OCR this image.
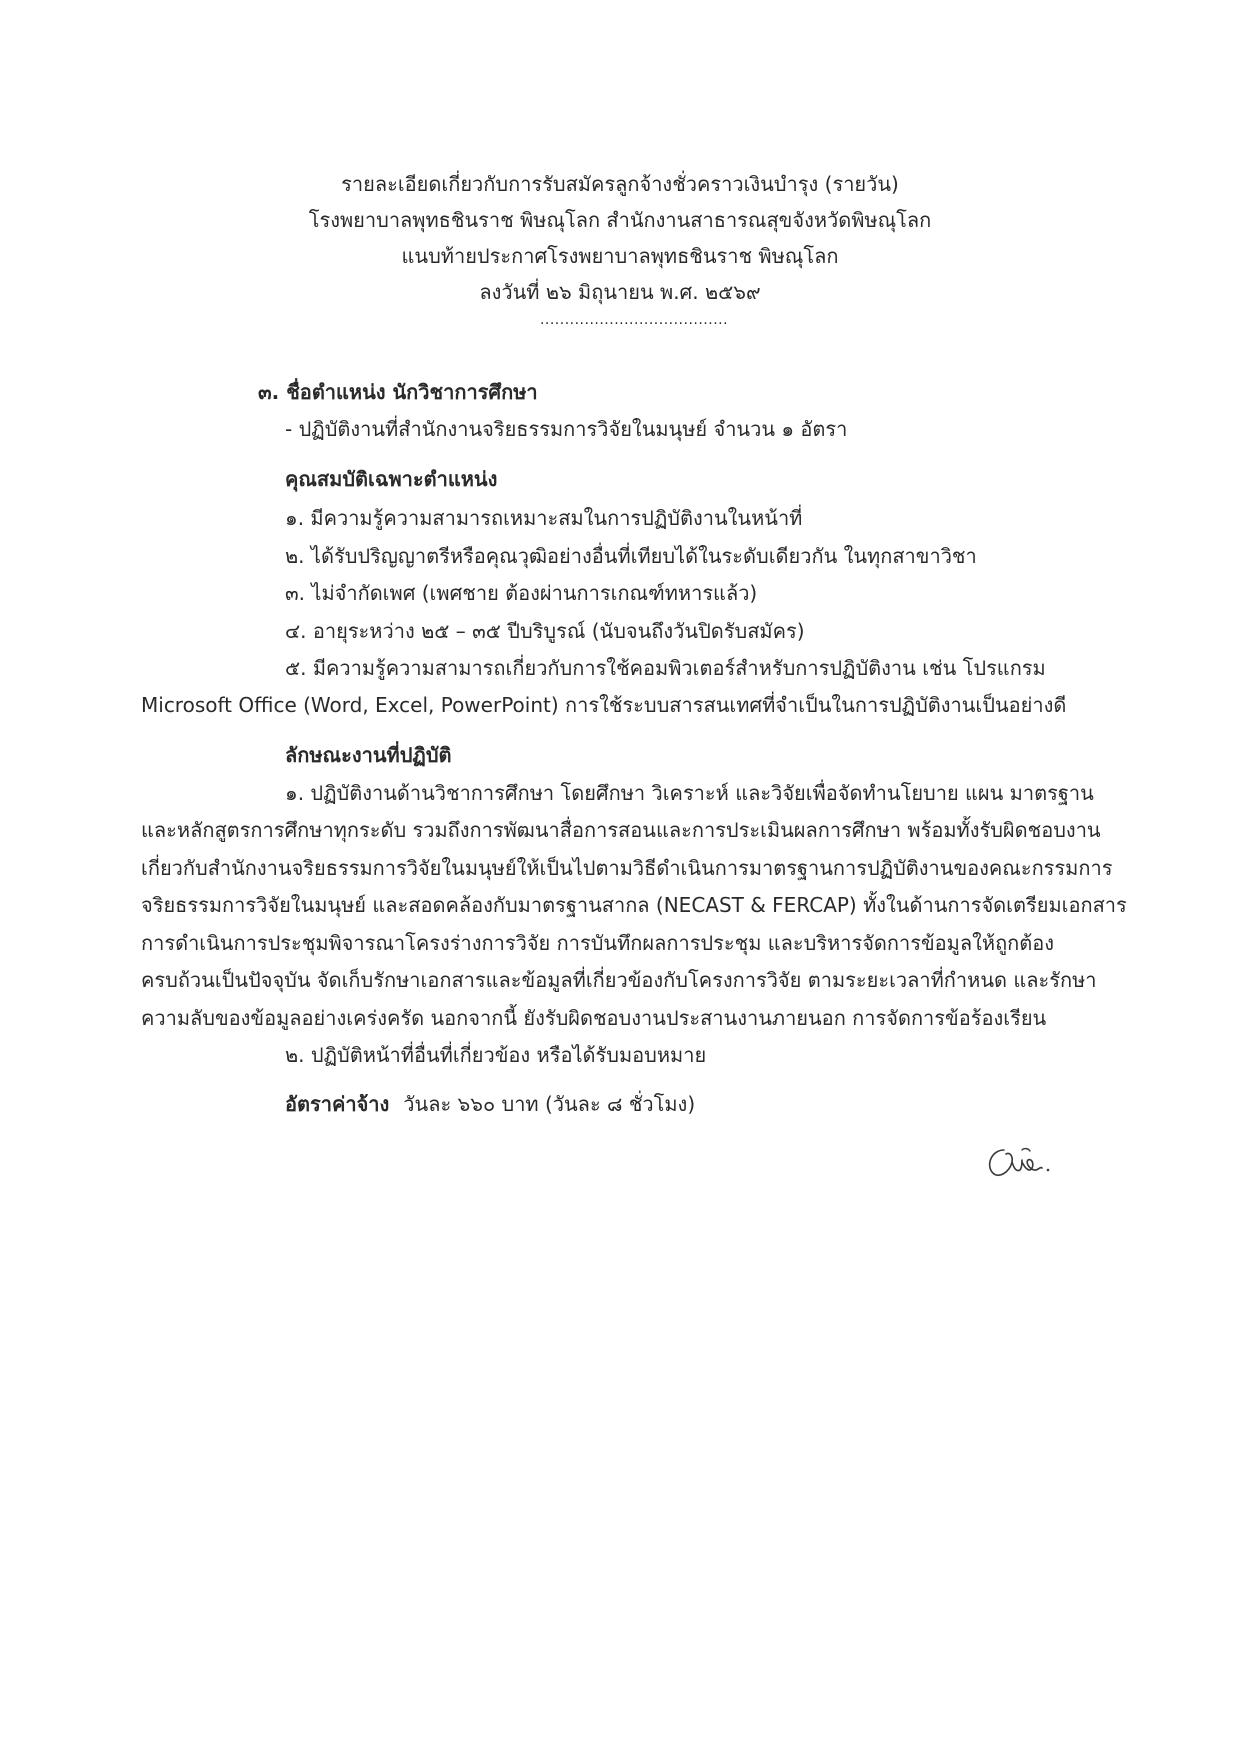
รายละเอียดเกี่ยวกับการรับสมัครลูกจ้างชั่วคราวเงินบำรุง (รายวัน)
โรงพยาบาลพุทธชินราช พิษณุโลก สำนักงานสาธารณสุขจังหวัดพิษณุโลก
แนบท้ายประกาศโรงพยาบาลพุทธชินราช พิษณุโลก
ลงวันที่ ๒๖ มิถุนายน พ.ศ. ๒๕๖๙
......................................
๓. ชื่อตำแหน่ง นักวิชาการศึกษา
- ปฏิบัติงานที่สำนักงานจริยธรรมการวิจัยในมนุษย์ จำนวน ๑ อัตรา
คุณสมบัติเฉพาะตำแหน่ง
๑. มีความรู้ความสามารถเหมาะสมในการปฏิบัติงานในหน้าที่
๒. ได้รับปริญญาตรีหรือคุณวุฒิอย่างอื่นที่เทียบได้ในระดับเดียวกัน ในทุกสาขาวิชา
๓. ไม่จำกัดเพศ (เพศชาย ต้องผ่านการเกณฑ์ทหารแล้ว)
๔. อายุระหว่าง ๒๕ – ๓๕ ปีบริบูรณ์ (นับจนถึงวันปิดรับสมัคร)
๕. มีความรู้ความสามารถเกี่ยวกับการใช้คอมพิวเตอร์สำหรับการปฏิบัติงาน เช่น โปรแกรม
Microsoft Office (Word, Excel, PowerPoint) การใช้ระบบสารสนเทศที่จำเป็นในการปฏิบัติงานเป็นอย่างดี
ลักษณะงานที่ปฏิบัติ
๑. ปฏิบัติงานด้านวิชาการศึกษา โดยศึกษา วิเคราะห์ และวิจัยเพื่อจัดทำนโยบาย แผน มาตรฐาน
และหลักสูตรการศึกษาทุกระดับ รวมถึงการพัฒนาสื่อการสอนและการประเมินผลการศึกษา พร้อมทั้งรับผิดชอบงาน
เกี่ยวกับสำนักงานจริยธรรมการวิจัยในมนุษย์ให้เป็นไปตามวิธีดำเนินการมาตรฐานการปฏิบัติงานของคณะกรรมการ
จริยธรรมการวิจัยในมนุษย์ และสอดคล้องกับมาตรฐานสากล (NECAST & FERCAP) ทั้งในด้านการจัดเตรียมเอกสาร
การดำเนินการประชุมพิจารณาโครงร่างการวิจัย การบันทึกผลการประชุม และบริหารจัดการข้อมูลให้ถูกต้อง
ครบถ้วนเป็นปัจจุบัน จัดเก็บรักษาเอกสารและข้อมูลที่เกี่ยวข้องกับโครงการวิจัย ตามระยะเวลาที่กำหนด และรักษา
ความลับของข้อมูลอย่างเคร่งครัด นอกจากนี้ ยังรับผิดชอบงานประสานงานภายนอก การจัดการข้อร้องเรียน
๒. ปฏิบัติหน้าที่อื่นที่เกี่ยวข้อง หรือได้รับมอบหมาย
อัตราค่าจ้าง วันละ ๖๖๐ บาท (วันละ ๘ ชั่วโมง)
